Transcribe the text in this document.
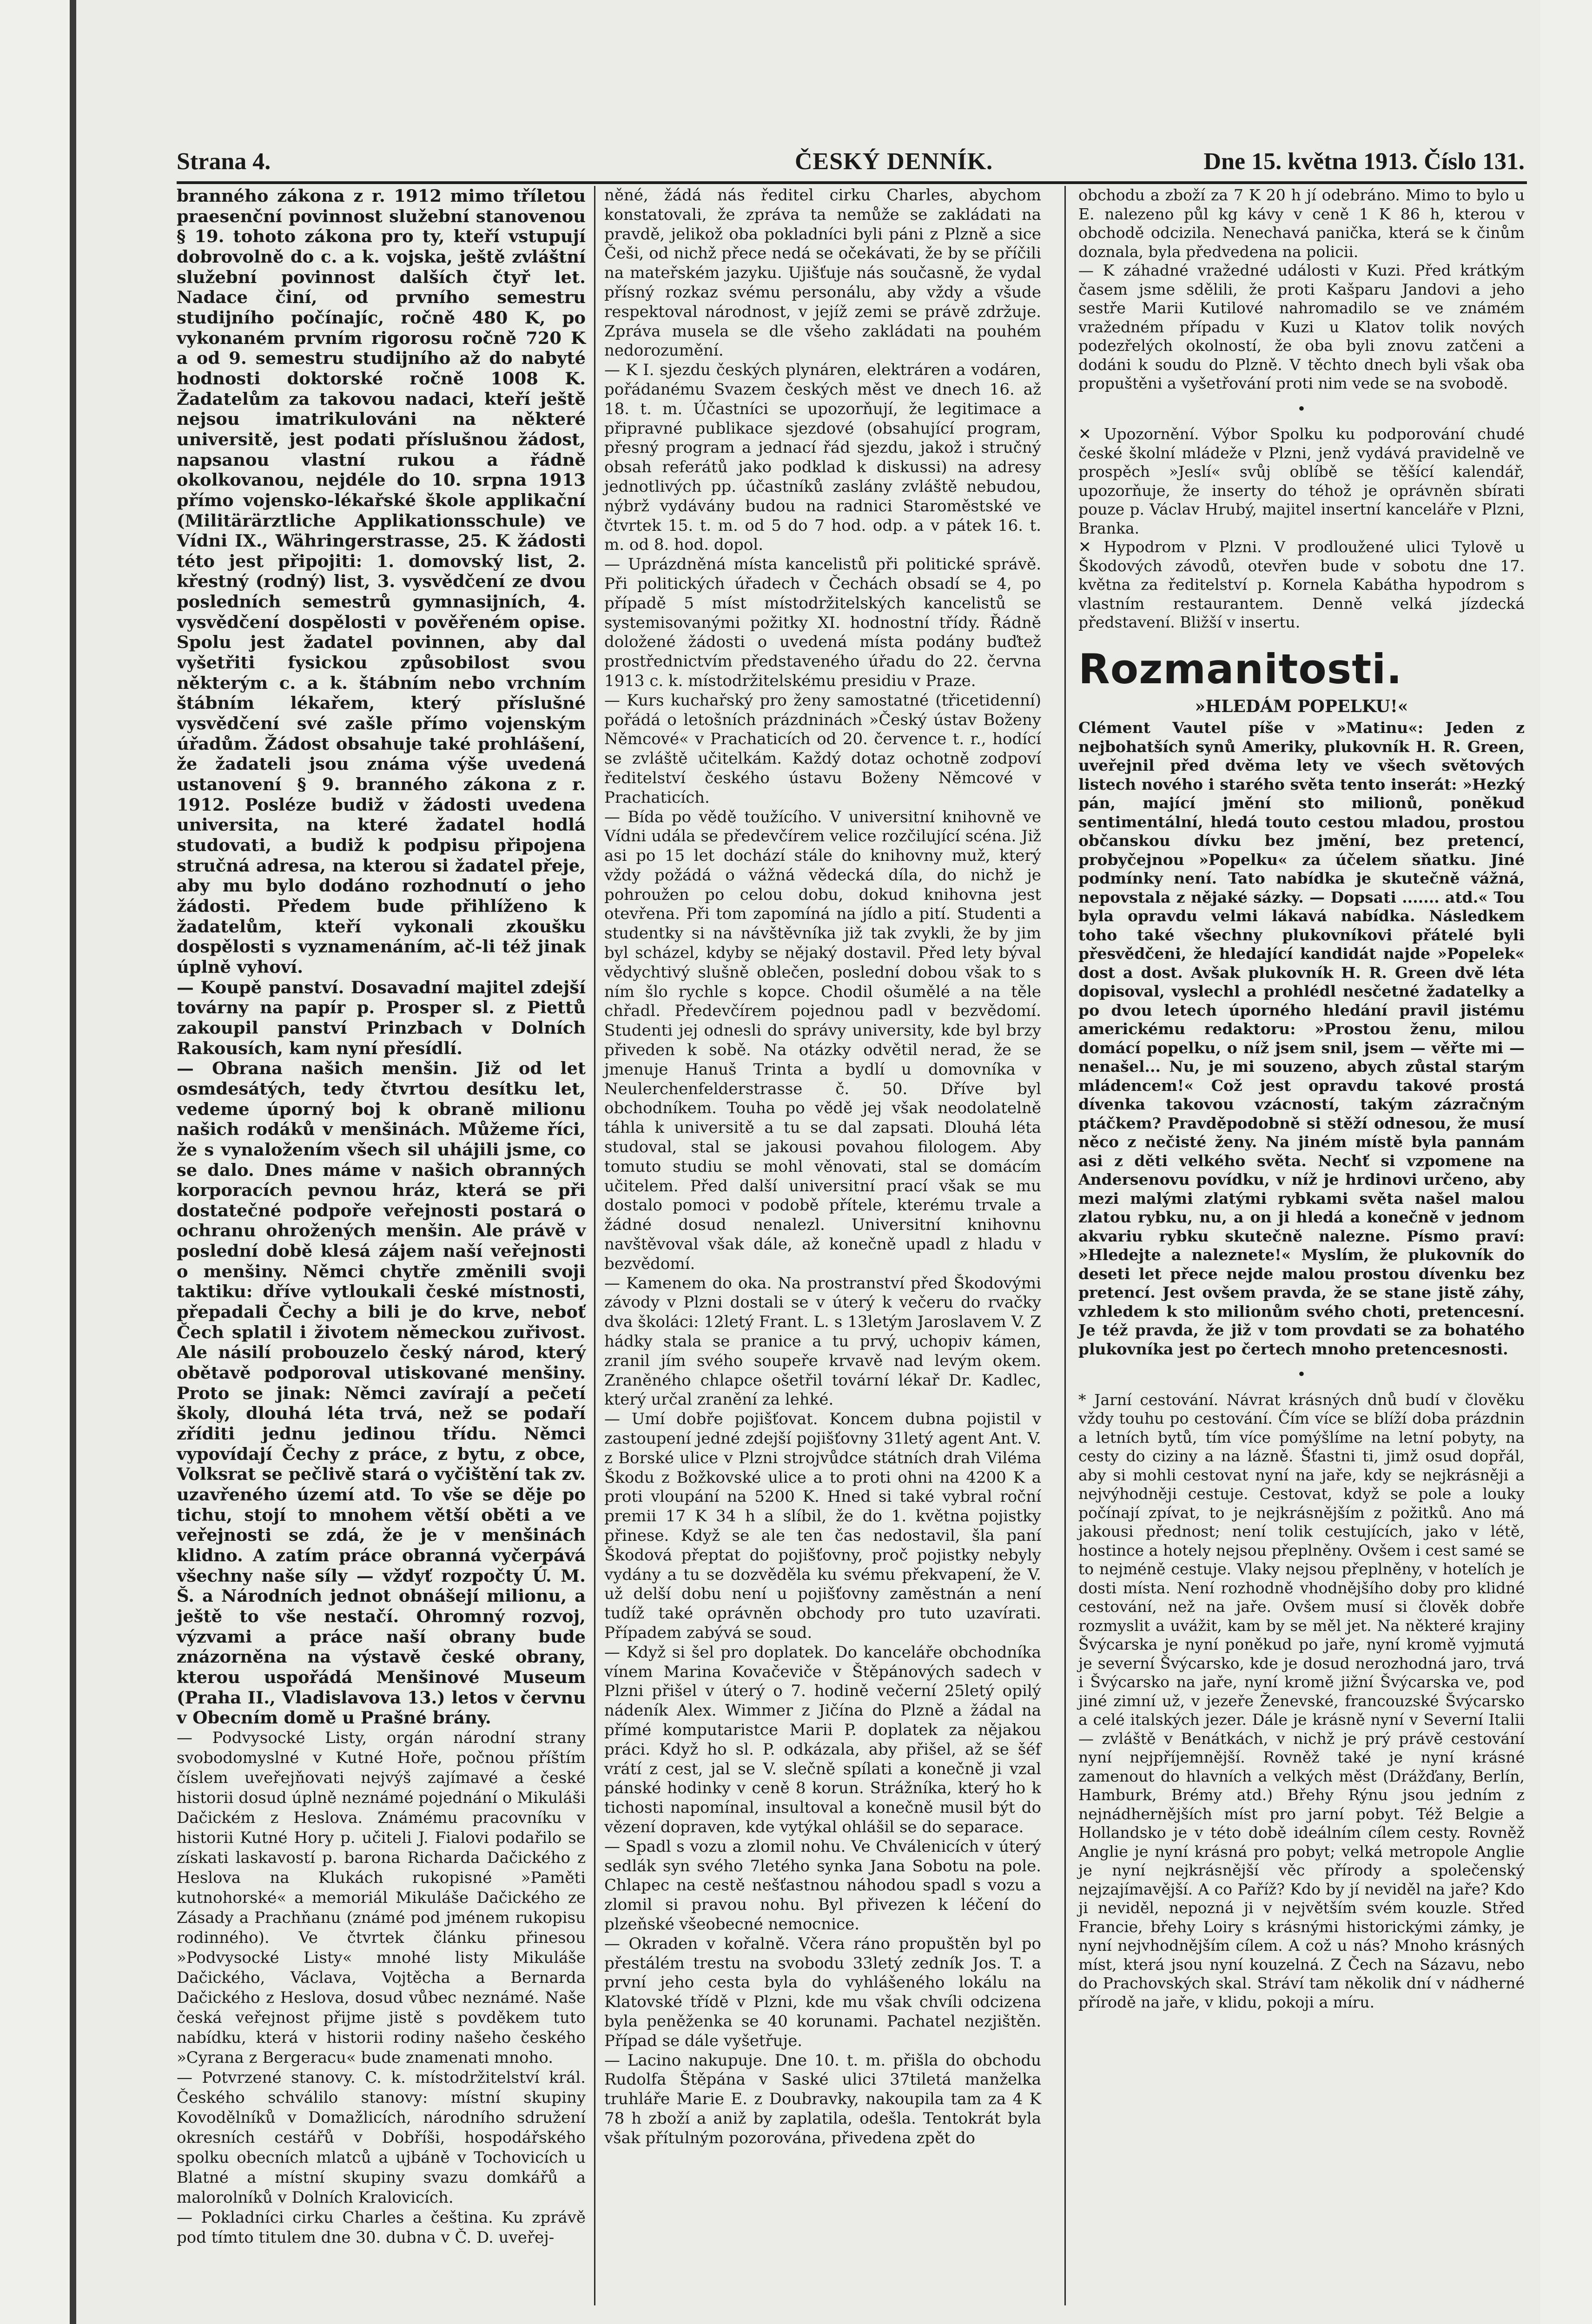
Strana 4.	ČESKÝ DENNÍK.	Dne 15. května 1913. Číslo 131.

branného zákona z r. 1912 mimo tříletou praesenční povinnost služební stanovenou § 19. tohoto zákona pro ty, kteří vstupují dobrovolně do c. a k. vojska, ještě zvláštní služební povinnost dalších čtyř let. Nadace činí, od prvního semestru studijního počínajíc, ročně 480 K, po vykonaném prvním rigorosu ročně 720 K a od 9. semestru studijního až do nabyté hodnosti doktorské ročně 1008 K. Žadatelům za takovou nadaci, kteří ještě nejsou imatrikulováni na některé universitě, jest podati příslušnou žádost, napsanou vlastní rukou a řádně okolkovanou, nejdéle do 10. srpna 1913 přímo vojensko-lékařské škole applikační (Militärärztliche Applikationsschule) ve Vídni IX., Währingerstrasse, 25. K žádosti této jest připojiti: 1. domovský list, 2. křestný (rodný) list, 3. vysvědčení ze dvou posledních semestrů gymnasijních, 4. vysvědčení dospělosti v pověřeném opise. Spolu jest žadatel povinnen, aby dal vyšetřiti fysickou způsobilost svou některým c. a k. štábním nebo vrchním štábním lékařem, který příslušné vysvědčení své zašle přímo vojenským úřadům. Žádost obsahuje také prohlášení, že žadateli jsou známa výše uvedená ustanovení § 9. branného zákona z r. 1912. Posléze budiž v žádosti uvedena universita, na které žadatel hodlá studovati, a budiž k podpisu připojena stručná adresa, na kterou si žadatel přeje, aby mu bylo dodáno rozhodnutí o jeho žádosti. Předem bude přihlíženo k žadatelům, kteří vykonali zkoušku dospělosti s vyznamenáním, ač-li též jinak úplně vyhoví.

— Koupě panství. Dosavadní majitel zdejší továrny na papír p. Prosper sl. z Piettů zakoupil panství Prinzbach v Dolních Rakousích, kam nyní přesídlí.

— Obrana našich menšin. Již od let osmdesátých, tedy čtvrtou desítku let, vedeme úporný boj k obraně milionu našich rodáků v menšinách. Můžeme říci, že s vynaložením všech sil uhájili jsme, co se dalo. Dnes máme v našich obranných korporacích pevnou hráz, která se při dostatečné podpoře veřejnosti postará o ochranu ohrožených menšin. Ale právě v poslední době klesá zájem naší veřejnosti o menšiny. Němci chytře změnili svoji taktiku: dříve vytloukali české místnosti, přepadali Čechy a bili je do krve, neboť Čech splatil i životem německou zuřivost. Ale násilí probouzelo český národ, který obětavě podporoval utiskované menšiny. Proto se jinak: Němci zavírají a pečetí školy, dlouhá léta trvá, než se podaří zříditi jednu jedinou třídu. Němci vypovídají Čechy z práce, z bytu, z obce, Volksrat se pečlivě stará o vyčištění tak zv. uzavřeného území atd. To vše se děje po tichu, stojí to mnohem větší oběti a ve veřejnosti se zdá, že je v menšinách klidno. A zatím práce obranná vyčerpává všechny naše síly — vždyť rozpočty Ú. M. Š. a Národních jednot obnášejí milionu, a ještě to vše nestačí. Ohromný rozvoj, výzvami a práce naší obrany bude znázorněna na výstavě české obrany, kterou uspořádá Menšinové Museum (Praha II., Vladislavova 13.) letos v červnu v Obecním domě u Prašné brány.

— Podvysocké Listy, orgán národní strany svobodomyslné v Kutné Hoře, počnou příštím číslem uveřejňovati nejvýš zajímavé a české historii dosud úplně neznámé pojednání o Mikuláši Dačickém z Heslova. Známému pracovníku v historii Kutné Hory p. učiteli J. Fialovi podařilo se získati laskavostí p. barona Richarda Dačického z Heslova na Klukách rukopisné »Paměti kutnohorské« a memoriál Mikuláše Dačického ze Zásady a Prachňanu (známé pod jménem rukopisu rodinného). Ve čtvrtek článku přinesou »Podvysocké Listy« mnohé listy Mikuláše Dačického, Václava, Vojtěcha a Bernarda Dačického z Heslova, dosud vůbec neznámé. Naše česká veřejnost přijme jistě s povděkem tuto nabídku, která v historii rodiny našeho českého »Cyrana z Bergeracu« bude znamenati mnoho.

— Potvrzené stanovy. C. k. místodržitelství král. Českého schválilo stanovy: místní skupiny Kovodělníků v Domažlicích, národního sdružení okresních cestářů v Dobříši, hospodářského spolku obecních mlatců a ujbáně v Tochovicích u Blatné a místní skupiny svazu domkářů a malorolníků v Dolních Kralovicích.

— Pokladníci cirku Charles a čeština. Ku zprávě pod tímto titulem dne 30. dubna v Č. D. uveřej-

něné, žádá nás ředitel cirku Charles, abychom konstatovali, že zpráva ta nemůže se zakládati na pravdě, jelikož oba pokladníci byli páni z Plzně a sice Češi, od nichž přece nedá se očekávati, že by se příčili na mateřském jazyku. Ujišťuje nás současně, že vydal přísný rozkaz svému personálu, aby vždy a všude respektoval národnost, v jejíž zemi se právě zdržuje. Zpráva musela se dle všeho zakládati na pouhém nedorozumění.

— K I. sjezdu českých plynáren, elektráren a vodáren, pořádanému Svazem českých měst ve dnech 16. až 18. t. m. Účastníci se upozorňují, že legitimace a připravné publikace sjezdové (obsahující program, přesný program a jednací řád sjezdu, jakož i stručný obsah referátů jako podklad k diskussi) na adresy jednotlivých pp. účastníků zaslány zvláště nebudou, nýbrž vydávány budou na radnici Staroměstské ve čtvrtek 15. t. m. od 5 do 7 hod. odp. a v pátek 16. t. m. od 8. hod. dopol.

— Uprázdněná místa kancelistů při politické správě. Při politických úřadech v Čechách obsadí se 4, po případě 5 míst místodržitelských kancelistů se systemisovanými požitky XI. hodnostní třídy. Řádně doložené žádosti o uvedená místa podány buďtež prostřednictvím představeného úřadu do 22. června 1913 c. k. místodržitelskému presidiu v Praze.

— Kurs kuchařský pro ženy samostatné (třicetidenní) pořádá o letošních prázdninách »Český ústav Boženy Němcové« v Prachaticích od 20. července t. r., hodící se zvláště učitelkám. Každý dotaz ochotně zodpoví ředitelství českého ústavu Boženy Němcové v Prachaticích.

— Bída po vědě toužícího. V universitní knihovně ve Vídni udála se předevčírem velice rozčilující scéna. Již asi po 15 let dochází stále do knihovny muž, který vždy požádá o vážná vědecká díla, do nichž je pohroužen po celou dobu, dokud knihovna jest otevřena. Při tom zapomíná na jídlo a pití. Studenti a studentky si na návštěvníka již tak zvykli, že by jim byl scházel, kdyby se nějaký dostavil. Před lety býval vědychtivý slušně oblečen, poslední dobou však to s ním šlo rychle s kopce. Chodil ošumělé a na těle chřadl. Předevčírem pojednou padl v bezvědomí. Studenti jej odnesli do správy university, kde byl brzy přiveden k sobě. Na otázky odvětil nerad, že se jmenuje Hanuš Trinta a bydlí u domovníka v Neulerchenfelderstrasse č. 50. Dříve byl obchodníkem. Touha po vědě jej však neodolatelně táhla k universitě a tu se dal zapsati. Dlouhá léta studoval, stal se jakousi povahou filologem. Aby tomuto studiu se mohl věnovati, stal se domácím učitelem. Před další universitní prací však se mu dostalo pomoci v podobě přítele, kterému trvale a žádné dosud nenalezl. Universitní knihovnu navštěvoval však dále, až konečně upadl z hladu v bezvědomí.

— Kamenem do oka. Na prostranství před Škodovými závody v Plzni dostali se v úterý k večeru do rvačky dva školáci: 12letý Frant. L. s 13letým Jaroslavem V. Z hádky stala se pranice a tu prvý, uchopiv kámen, zranil jím svého soupeře krvavě nad levým okem. Zraněného chlapce ošetřil tovární lékař Dr. Kadlec, který určal zranění za lehké.

— Umí dobře pojišťovat. Koncem dubna pojistil v zastoupení jedné zdejší pojišťovny 31letý agent Ant. V. z Borské ulice v Plzni strojvůdce státních drah Viléma Škodu z Božkovské ulice a to proti ohni na 4200 K a proti vloupání na 5200 K. Hned si také vybral roční premii 17 K 34 h a slíbil, že do 1. května pojistky přinese. Když se ale ten čas nedostavil, šla paní Škodová přeptat do pojišťovny, proč pojistky nebyly vydány a tu se dozvěděla ku svému překvapení, že V. už delší dobu není u pojišťovny zaměstnán a není tudíž také oprávněn obchody pro tuto uzavírati. Případem zabývá se soud.

— Když si šel pro doplatek. Do kanceláře obchodníka vínem Marina Kovačeviče v Štěpánových sadech v Plzni přišel v úterý o 7. hodině večerní 25letý opilý nádeník Alex. Wimmer z Jičína do Plzně a žádal na přímé komputaristce Marii P. doplatek za nějakou práci. Když ho sl. P. odkázala, aby přišel, až se šéf vrátí z cest, jal se V. slečně spílati a konečně ji vzal pánské hodinky v ceně 8 korun. Strážníka, který ho k tichosti napomínal, insultoval a konečně musil být do vězení dopraven, kde vytýkal ohlášil se do separace.

— Spadl s vozu a zlomil nohu. Ve Chválenicích v úterý sedlák syn svého 7letého synka Jana Sobotu na pole. Chlapec na cestě nešťastnou náhodou spadl s vozu a zlomil si pravou nohu. Byl přivezen k léčení do plzeňské všeobecné nemocnice.

— Okraden v kořalně. Včera ráno propuštěn byl po přestálém trestu na svobodu 33letý zedník Jos. T. a první jeho cesta byla do vyhlášeného lokálu na Klatovské třídě v Plzni, kde mu však chvíli odcizena byla peněženka se 40 korunami. Pachatel nezjištěn. Případ se dále vyšetřuje.

— Lacino nakupuje. Dne 10. t. m. přišla do obchodu Rudolfa Štěpána v Saské ulici 37tiletá manželka truhláře Marie E. z Doubravky, nakoupila tam za 4 K 78 h zboží a aniž by zaplatila, odešla. Tentokrát byla však přítulným pozorována, přivedena zpět do

obchodu a zboží za 7 K 20 h jí odebráno. Mimo to bylo u E. nalezeno půl kg kávy v ceně 1 K 86 h, kterou v obchodě odcizila. Nenechavá panička, která se k činům doznala, byla předvedena na policii.

— K záhadné vražedné události v Kuzi. Před krátkým časem jsme sdělili, že proti Kašparu Jandovi a jeho sestře Marii Kutilové nahromadilo se ve známém vražedném případu v Kuzi u Klatov tolik nových podezřelých okolností, že oba byli znovu zatčeni a dodáni k soudu do Plzně. V těchto dnech byli však oba propuštěni a vyšetřování proti nim vede se na svobodě.

•

✕ Upozornění. Výbor Spolku ku podporování chudé české školní mládeže v Plzni, jenž vydává pravidelně ve prospěch »Jeslí« svůj oblíbě se těšící kalendář, upozorňuje, že inserty do téhož je oprávněn sbírati pouze p. Václav Hrubý, majitel insertní kanceláře v Plzni, Branka.

✕ Hypodrom v Plzni. V prodloužené ulici Tylově u Škodových závodů, otevřen bude v sobotu dne 17. května za ředitelství p. Kornela Kabátha hypodrom s vlastním restaurantem. Denně velká jízdecká představení. Bližší v insertu.

Rozmanitosti.
»HLEDÁM POPELKU!«

Clément Vautel píše v »Matinu«: Jeden z nejbohatších synů Ameriky, plukovník H. R. Green, uveřejnil před dvěma lety ve všech světových listech nového i starého světa tento inserát: »Hezký pán, mající jmění sto milionů, poněkud sentimentální, hledá touto cestou mladou, prostou občanskou dívku bez jmění, bez pretencí, probyčejnou »Popelku« za účelem sňatku. Jiné podmínky není. Tato nabídka je skutečně vážná, nepovstala z nějaké sázky. — Dopsati ....... atd.« Tou byla opravdu velmi lákavá nabídka. Následkem toho také všechny plukovníkovi přátelé byli přesvědčeni, že hledající kandidát najde »Popelek« dost a dost. Avšak plukovník H. R. Green dvě léta dopisoval, vyslechl a prohlédl nesčetné žadatelky a po dvou letech úporného hledání pravil jistému americkému redaktoru: »Prostou ženu, milou domácí popelku, o níž jsem snil, jsem — věřte mi — nenašel... Nu, je mi souzeno, abych zůstal starým mládencem!« Což jest opravdu takové prostá dívenka takovou vzácností, takým zázračným ptáčkem? Pravděpodobně si stěží odnesou, že musí něco z nečisté ženy. Na jiném místě byla pannám asi z děti velkého světa. Nechť si vzpomene na Andersenovu povídku, v níž je hrdinovi určeno, aby mezi malými zlatými rybkami světa našel malou zlatou rybku, nu, a on ji hledá a konečně v jednom akvariu rybku skutečně nalezne. Písmo praví: »Hledejte a naleznete!« Myslím, že plukovník do deseti let přece nejde malou prostou dívenku bez pretencí. Jest ovšem pravda, že se stane jistě záhy, vzhledem k sto milionům svého choti, pretencesní. Je též pravda, že již v tom provdati se za bohatého plukovníka jest po čertech mnoho pretencesnosti.

•

* Jarní cestování. Návrat krásných dnů budí v člověku vždy touhu po cestování. Čím více se blíží doba prázdnin a letních bytů, tím více pomýšlíme na letní pobyty, na cesty do ciziny a na lázně. Šťastni ti, jimž osud dopřál, aby si mohli cestovat nyní na jaře, kdy se nejkrásněji a nejvýhodněji cestuje. Cestovat, když se pole a louky počínají zpívat, to je nejkrásnějším z požitků. Ano má jakousi přednost; není tolik cestujících, jako v létě, hostince a hotely nejsou přeplněny. Ovšem i cest samé se to nejméně cestuje. Vlaky nejsou přeplněny, v hotelích je dosti místa. Není rozhodně vhodnějšího doby pro klidné cestování, než na jaře. Ovšem musí si člověk dobře rozmyslit a uvážit, kam by se měl jet. Na některé krajiny Švýcarska je nyní poněkud po jaře, nyní kromě vyjmutá je severní Švýcarsko, kde je dosud nerozhodná jaro, trvá i Švýcarsko na jaře, nyní kromě jižní Švýcarska ve, pod jiné zimní už, v jezeře Ženevské, francouzské Švýcarsko a celé italských jezer. Dále je krásně nyní v Severní Italii — zvláště v Benátkách, v nichž je prý právě cestování nyní nejpříjemnější. Rovněž také je nyní krásné zamenout do hlavních a velkých měst (Drážďany, Berlín, Hamburk, Brémy atd.) Břehy Rýnu jsou jedním z nejnádhernějších míst pro jarní pobyt. Též Belgie a Hollandsko je v této době ideálním cílem cesty. Rovněž Anglie je nyní krásná pro pobyt; velká metropole Anglie je nyní nejkrásnější věc přírody a společenský nejzajímavější. A co Paříž? Kdo by jí neviděl na jaře? Kdo ji neviděl, nepozná ji v největším svém kouzle. Střed Francie, břehy Loiry s krásnými historickými zámky, je nyní nejvhodnějším cílem. A což u nás? Mnoho krásných míst, která jsou nyní kouzelná. Z Čech na Sázavu, nebo do Prachovských skal. Stráví tam několik dní v nádherné přírodě na jaře, v klidu, pokoji a míru.
